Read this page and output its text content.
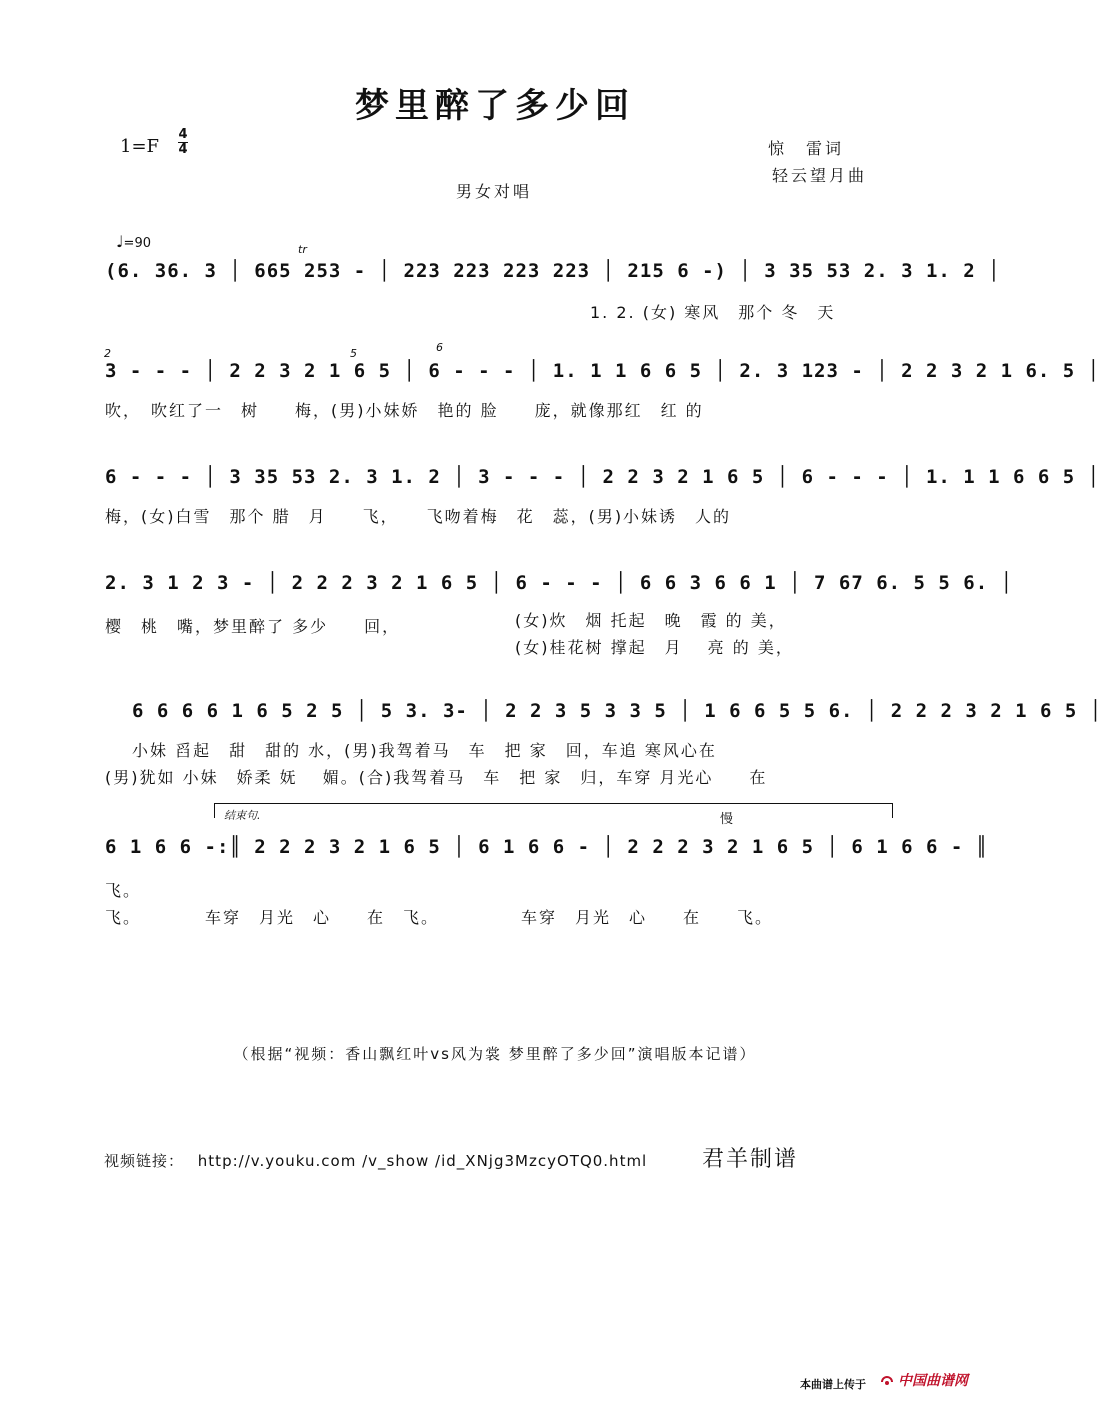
梦里醉了多少回
1=F
4
4	惊　雷词
轻云望月曲
男女对唱
♩=90	tr
(6. 36. 3 │ 665 253 - │ 223 223 223 223 │ 215 6 -) │ 3 35 53 2. 3 1. 2 │
1. 2. (女) 寒风　那个 冬　天
2	5	6
3 - - - │ 2 2 3 2 1 6 5 │ 6 - - - │ 1. 1 1 6 6 5 │ 2. 3 123 - │ 2 2 3 2 1 6. 5 │
吹，　吹红了一　树　　梅，(男)小妹娇　艳的 脸　　庞，就像那红　红 的
6 - - - │ 3 35 53 2. 3 1. 2 │ 3 - - - │ 2 2 3 2 1 6 5 │ 6 - - - │ 1. 1 1 6 6 5 │
梅，(女)白雪　那个 腊　月　　飞，　　飞吻着梅　花　蕊，(男)小妹诱　人的
2. 3 1 2 3 - │ 2 2 2 3 2 1 6 5 │ 6 - - - │ 6 6 3 6 6 1 │ 7 67 6. 5 5 6. │
樱　桃　嘴，梦里醉了 多少　　回，	(女)炊　烟 托起　晚　霞 的 美，
(女)桂花树 撑起　月　 亮 的 美，
6 6 6 6 1 6 5 2 5 │ 5 3. 3- │ 2 2 3 5 3 3 5 │ 1 6 6 5 5 6. │ 2 2 2 3 2 1 6 5 │
小妹 舀起　甜　甜的 水，(男)我驾着马　车　把 家　回，车追 寒风心在
(男)犹如 小妹　娇柔 妩　 媚。(合)我驾着马　车　把 家　归，车穿 月光心　　在
结束句.	慢
6 1 6 6 -:║ 2 2 2 3 2 1 6 5 │ 6 1 6 6 - │ 2 2 2 3 2 1 6 5 │ 6 1 6 6 - ║
飞。
飞。　　　　车穿　月光　心　　在　飞。　　　　　车穿　月光　心　　在　　飞。
（根据“视频：香山飘红叶vs风为裳 梦里醉了多少回”演唱版本记谱）
视频链接： http://v.youku.com /v_show /id_XNjg3MzcyOTQ0.html 君羊制谱
本曲谱上传于 中国曲谱网
